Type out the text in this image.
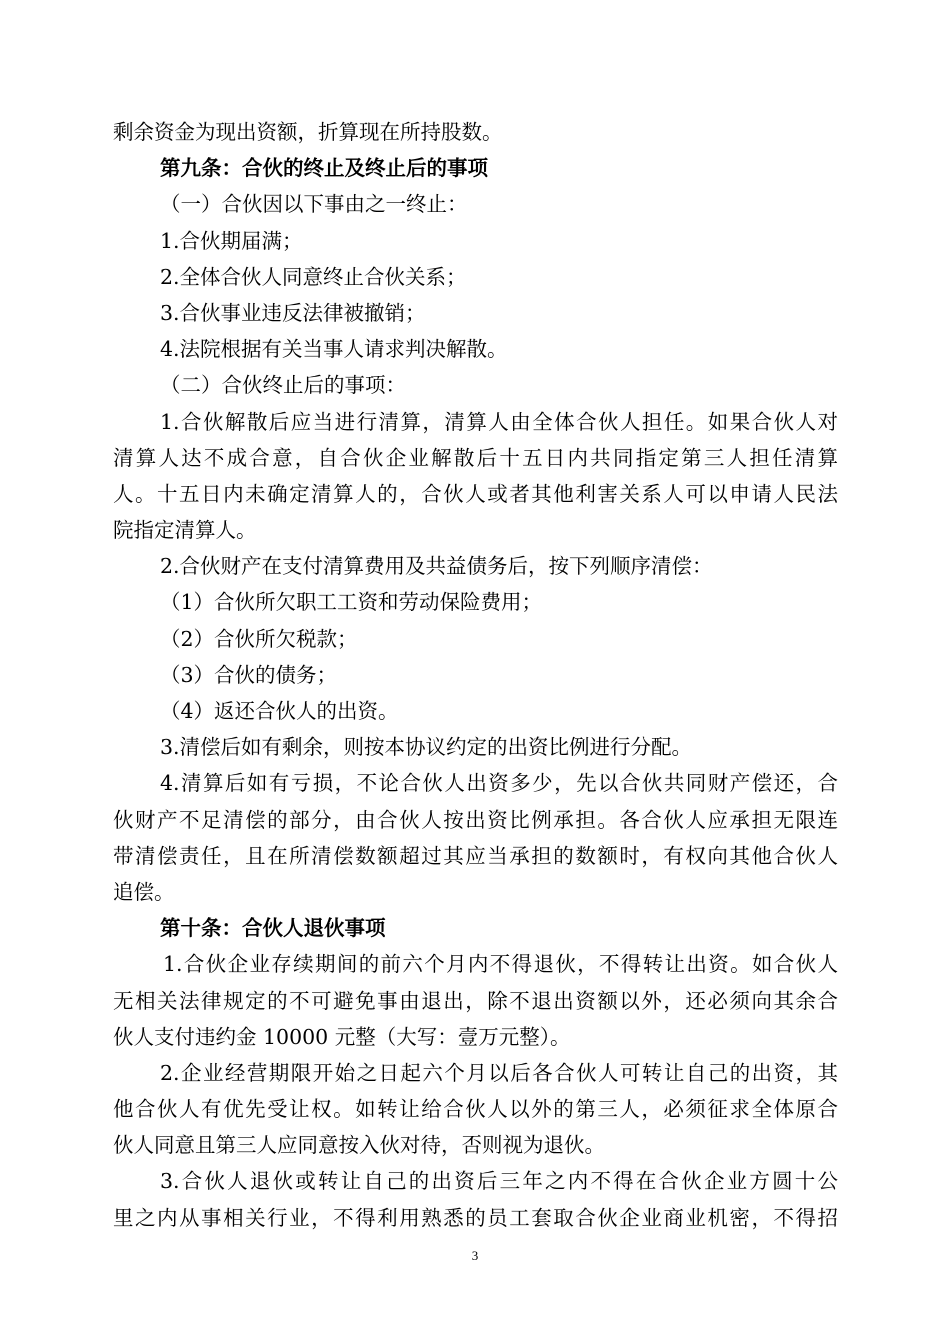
剩余资金为现出资额，折算现在所持股数。
第九条：合伙的终止及终止后的事项
（一）合伙因以下事由之一终止：
1.合伙期届满；
2.全体合伙人同意终止合伙关系；
3.合伙事业违反法律被撤销；
4.法院根据有关当事人请求判决解散。
（二）合伙终止后的事项：
1.合伙解散后应当进行清算，清算人由全体合伙人担任。如果合伙人对
清算人达不成合意，自合伙企业解散后十五日内共同指定第三人担任清算
人。十五日内未确定清算人的，合伙人或者其他利害关系人可以申请人民法
院指定清算人。
2.合伙财产在支付清算费用及共益债务后，按下列顺序清偿：
（1）合伙所欠职工工资和劳动保险费用；
（2）合伙所欠税款；
（3）合伙的债务；
（4）返还合伙人的出资。
3.清偿后如有剩余，则按本协议约定的出资比例进行分配。
4.清算后如有亏损，不论合伙人出资多少，先以合伙共同财产偿还，合
伙财产不足清偿的部分，由合伙人按出资比例承担。各合伙人应承担无限连
带清偿责任，且在所清偿数额超过其应当承担的数额时，有权向其他合伙人
追偿。
第十条：合伙人退伙事项
1.合伙企业存续期间的前六个月内不得退伙，不得转让出资。如合伙人
无相关法律规定的不可避免事由退出，除不退出资额以外，还必须向其余合
伙人支付违约金 10000 元整（大写：壹万元整）。
2.企业经营期限开始之日起六个月以后各合伙人可转让自己的出资，其
他合伙人有优先受让权。如转让给合伙人以外的第三人，必须征求全体原合
伙人同意且第三人应同意按入伙对待，否则视为退伙。
3.合伙人退伙或转让自己的出资后三年之内不得在合伙企业方圆十公
里之内从事相关行业，不得利用熟悉的员工套取合伙企业商业机密，不得招
3
